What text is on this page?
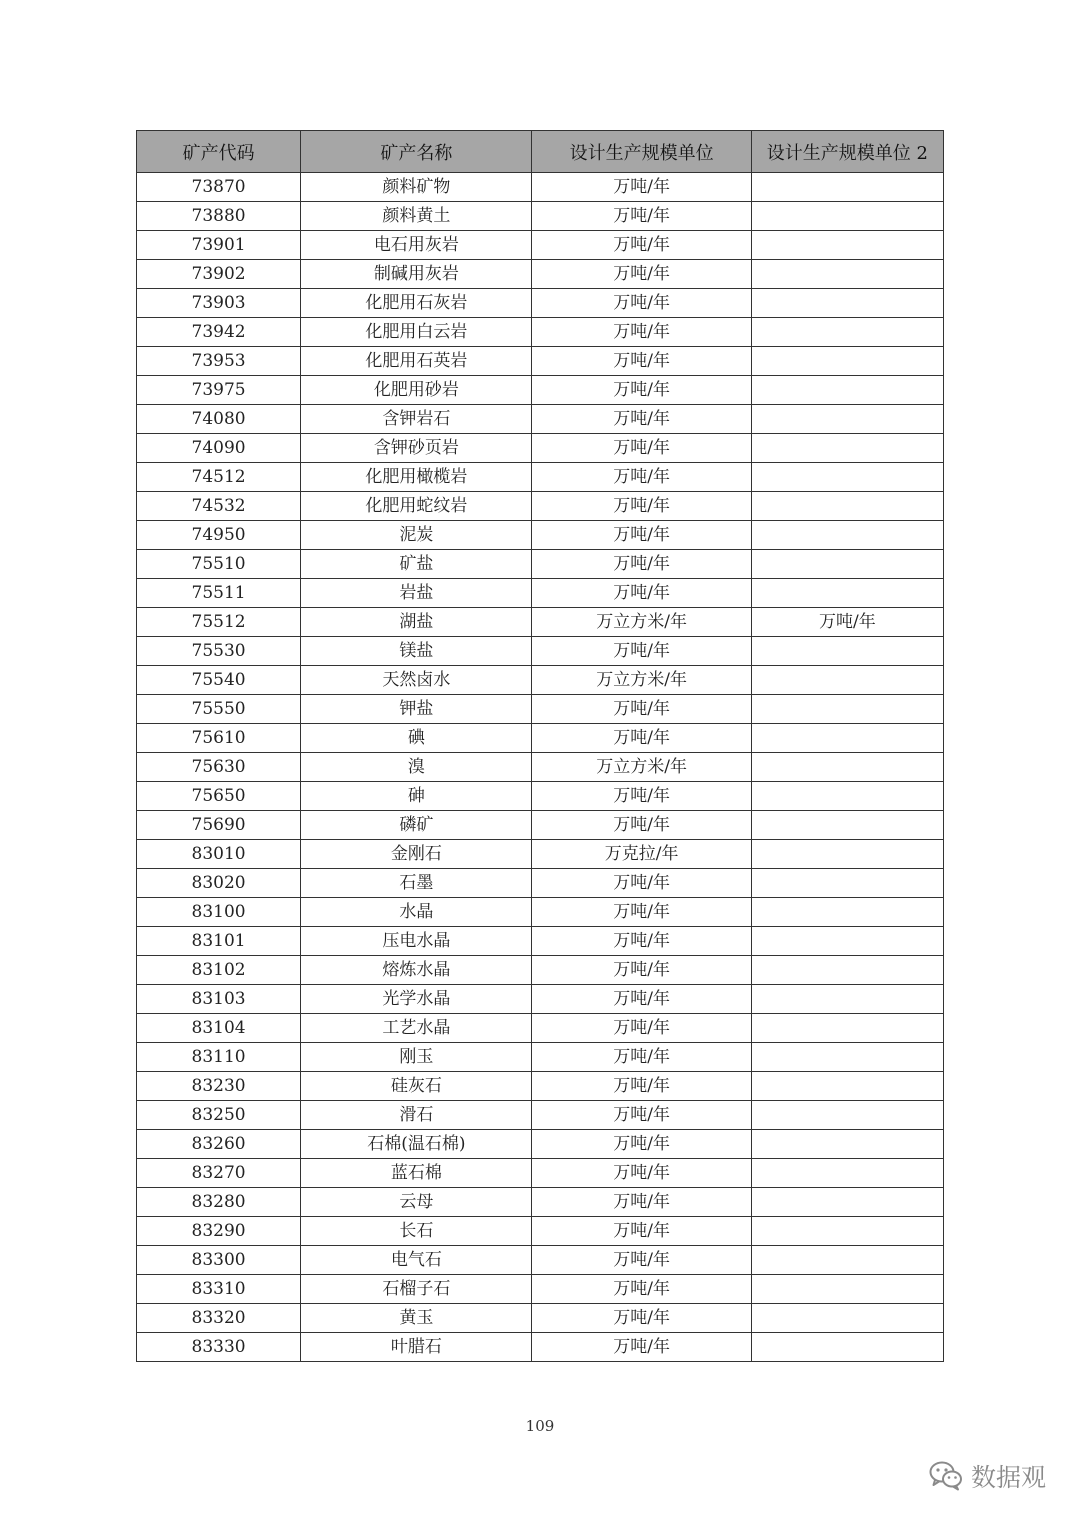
矿产代码	矿产名称	设计生产规模单位	设计生产规模单位 2
73870	颜料矿物	万吨/年	
73880	颜料黄土	万吨/年	
73901	电石用灰岩	万吨/年	
73902	制碱用灰岩	万吨/年	
73903	化肥用石灰岩	万吨/年	
73942	化肥用白云岩	万吨/年	
73953	化肥用石英岩	万吨/年	
73975	化肥用砂岩	万吨/年	
74080	含钾岩石	万吨/年	
74090	含钾砂页岩	万吨/年	
74512	化肥用橄榄岩	万吨/年	
74532	化肥用蛇纹岩	万吨/年	
74950	泥炭	万吨/年	
75510	矿盐	万吨/年	
75511	岩盐	万吨/年	
75512	湖盐	万立方米/年	万吨/年
75530	镁盐	万吨/年	
75540	天然卤水	万立方米/年	
75550	钾盐	万吨/年	
75610	碘	万吨/年	
75630	溴	万立方米/年	
75650	砷	万吨/年	
75690	磷矿	万吨/年	
83010	金刚石	万克拉/年	
83020	石墨	万吨/年	
83100	水晶	万吨/年	
83101	压电水晶	万吨/年	
83102	熔炼水晶	万吨/年	
83103	光学水晶	万吨/年	
83104	工艺水晶	万吨/年	
83110	刚玉	万吨/年	
83230	硅灰石	万吨/年	
83250	滑石	万吨/年	
83260	石棉(温石棉)	万吨/年	
83270	蓝石棉	万吨/年	
83280	云母	万吨/年	
83290	长石	万吨/年	
83300	电气石	万吨/年	
83310	石榴子石	万吨/年	
83320	黄玉	万吨/年	
83330	叶腊石	万吨/年	
109
数据观
